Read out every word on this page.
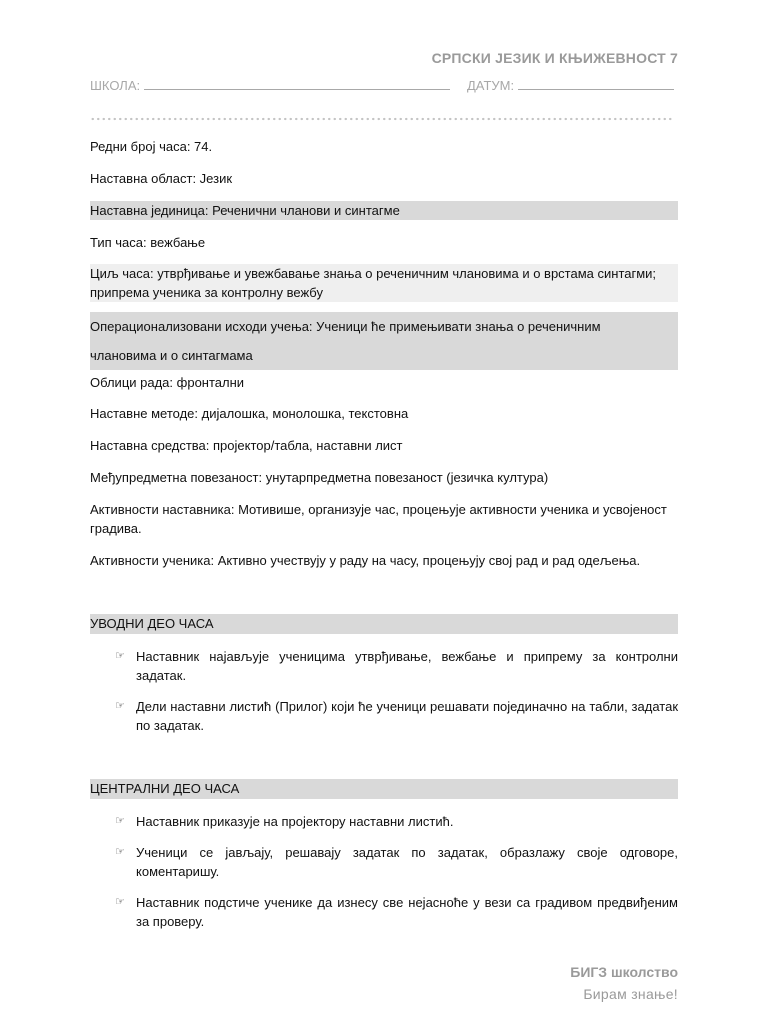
СРПСКИ ЈЕЗИК И КЊИЖЕВНОСТ 7
ШКОЛА:	ДАТУМ:
Редни број часа: 74.
Наставна област: Језик
Наставна јединица: Реченични чланови и синтагме
Тип часа: вежбање
Циљ часа: утврђивање и увежбавање знања о реченичним члановима и о врстама синтагми; припрема ученика за контролну вежбу
Операционализовани исходи учења: Ученици ће примењивати знања о реченичним
члановима и о синтагмама
Облици рада: фронтални
Наставне методе: дијалошка, монолошка, текстовна
Наставна средства: пројектор/табла, наставни лист
Међупредметна повезаност: унутарпредметна повезаност (језичка култура)
Активности наставника: Мотивише, организује час, процењује активности ученика и усвојеност градива.
Активности ученика: Активно учествују у раду на часу, процењују свој рад и рад одељења.
УВОДНИ ДЕО ЧАСА
☞ Наставник најављује ученицима утврђивање, вежбање и припрему за контролни задатак.
☞ Дели наставни листић (Прилог) који ће ученици решавати појединачно на табли, задатак по задатак.
ЦЕНТРАЛНИ ДЕО ЧАСА
☞ Наставник приказује на пројектору наставни листић.
☞ Ученици се јављају, решавају задатак по задатак, образлажу своје одговоре, коментаришу.
☞ Наставник подстиче ученике да изнесу све нејасноће у вези са градивом предвиђеним за проверу.
БИГЗ школство
Бирам знање!
